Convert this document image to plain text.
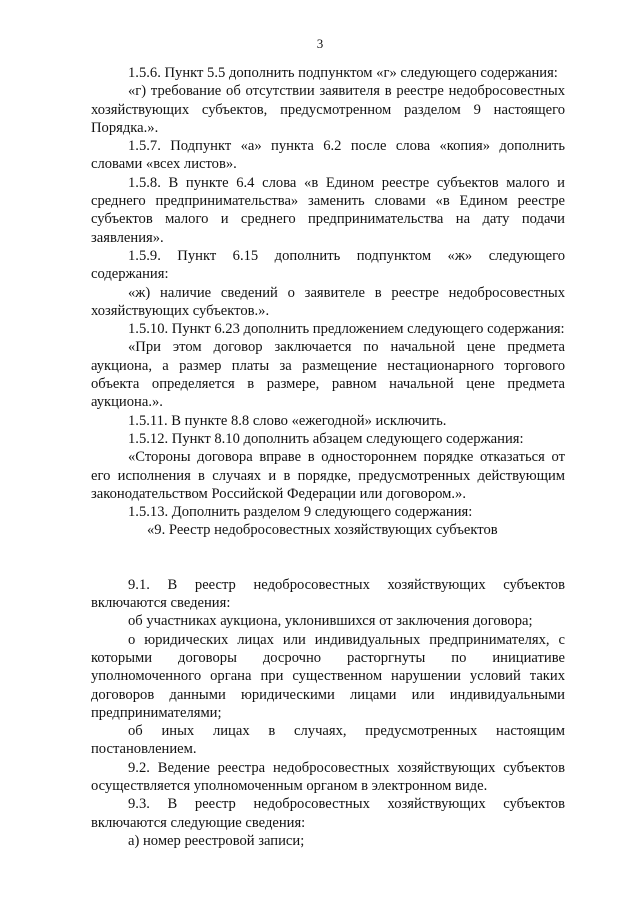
3

1.5.6. Пункт 5.5 дополнить подпунктом «г» следующего содержания:

«г) требование об отсутствии заявителя в реестре недобросовестных хозяйствующих субъектов, предусмотренном разделом 9 настоящего Порядка.».

1.5.7. Подпункт «а» пункта 6.2 после слова «копия» дополнить словами «всех листов».

1.5.8. В пункте 6.4 слова «в Едином реестре субъектов малого и среднего предпринимательства» заменить словами «в Едином реестре субъектов малого и среднего предпринимательства на дату подачи заявления».

1.5.9. Пункт 6.15 дополнить подпунктом «ж» следующего содержания:

«ж) наличие сведений о заявителе в реестре недобросовестных хозяйствующих субъектов.».

1.5.10. Пункт 6.23 дополнить предложением следующего содержания:

«При этом договор заключается по начальной цене предмета аукциона, а размер платы за размещение нестационарного торгового объекта определяется в размере, равном начальной цене предмета аукциона.».

1.5.11. В пункте 8.8 слово «ежегодной» исключить.

1.5.12. Пункт 8.10 дополнить абзацем следующего содержания:

«Стороны договора вправе в одностороннем порядке отказаться от его исполнения в случаях и в порядке, предусмотренных действующим законодательством Российской Федерации или договором.».

1.5.13. Дополнить разделом 9 следующего содержания:

«9. Реестр недобросовестных хозяйствующих субъектов

9.1. В реестр недобросовестных хозяйствующих субъектов включаются сведения:

об участниках аукциона, уклонившихся от заключения договора;

о юридических лицах или индивидуальных предпринимателях, с которыми договоры досрочно расторгнуты по инициативе уполномоченного органа при существенном нарушении условий таких договоров данными юридическими лицами или индивидуальными предпринимателями;

об иных лицах в случаях, предусмотренных настоящим постановлением.

9.2. Ведение реестра недобросовестных хозяйствующих субъектов осуществляется уполномоченным органом в электронном виде.

9.3. В реестр недобросовестных хозяйствующих субъектов включаются следующие сведения:

а) номер реестровой записи;
